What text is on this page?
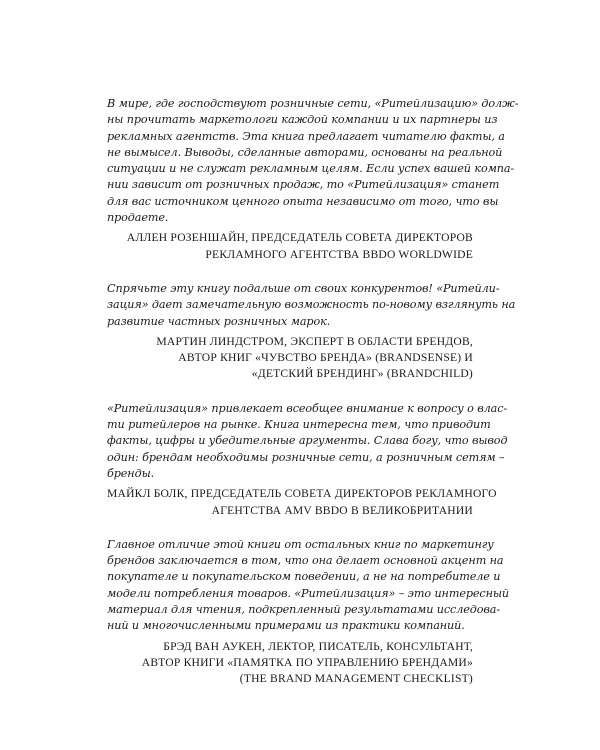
В мире, где господствуют розничные сети, «Ритейлизацию» долж-
ны прочитать маркетологи каждой компании и их партнеры из
рекламных агентств. Эта книга предлагает читателю факты, а
не вымысел. Выводы, сделанные авторами, основаны на реальной
ситуации и не служат рекламным целям. Если успех вашей компа-
нии зависит от розничных продаж, то «Ритейлизация» станет
для вас источником ценного опыта независимо от того, что вы
продаете.

АЛЛЕН РОЗЕНШАЙН, ПРЕДСЕДАТЕЛЬ СОВЕТА ДИРЕКТОРОВ
РЕКЛАМНОГО АГЕНТСТВА BBDO WORLDWIDE

Спрячьте эту книгу подальше от своих конкурентов! «Ритейли-
зация» дает замечательную возможность по-новому взглянуть на
развитие частных розничных марок.

МАРТИН ЛИНДСТРОМ, ЭКСПЕРТ В ОБЛАСТИ БРЕНДОВ,
АВТОР КНИГ «ЧУВСТВО БРЕНДА» (BRANDSENSE) И
«ДЕТСКИЙ БРЕНДИНГ» (BRANDCHILD)

«Ритейлизация» привлекает всеобщее внимание к вопросу о влас-
ти ритейлеров на рынке. Книга интересна тем, что приводит
факты, цифры и убедительные аргументы. Слава богу, что вывод
один: брендам необходимы розничные сети, а розничным сетям –
бренды.

МАЙКЛ БОЛК, ПРЕДСЕДАТЕЛЬ СОВЕТА ДИРЕКТОРОВ РЕКЛАМНОГО
АГЕНТСТВА AMV BBDO В ВЕЛИКОБРИТАНИИ

Главное отличие этой книги от остальных книг по маркетингу
брендов заключается в том, что она делает основной акцент на
покупателе и покупательском поведении, а не на потребителе и
модели потребления товаров. «Ритейлизация» – это интересный
материал для чтения, подкрепленный результатами исследова-
ний и многочисленными примерами из практики компаний.

БРЭД ВАН АУКЕН, ЛЕКТОР, ПИСАТЕЛЬ, КОНСУЛЬТАНТ,
АВТОР КНИГИ «ПАМЯТКА ПО УПРАВЛЕНИЮ БРЕНДАМИ»
(THE BRAND MANAGEMENT CHECKLIST)
